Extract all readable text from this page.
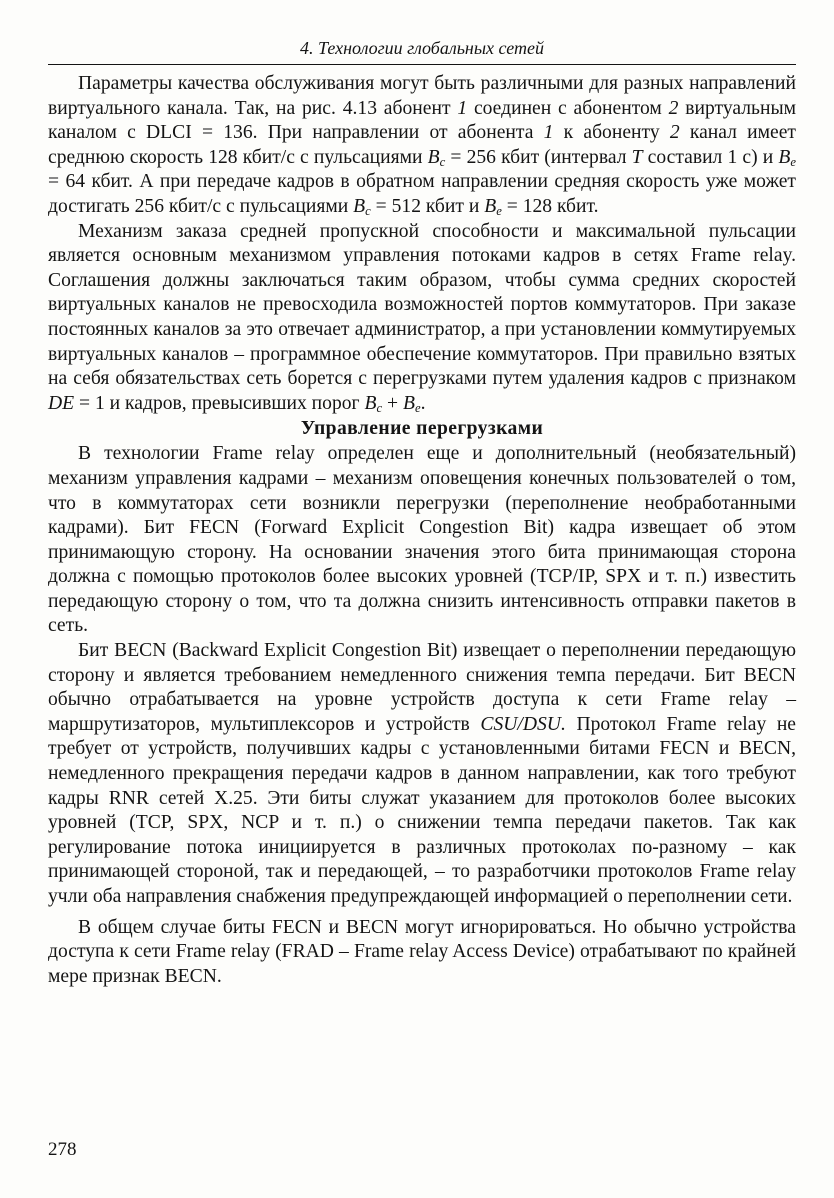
4. Технологии глобальных сетей

Параметры качества обслуживания могут быть различными для разных направлений виртуального канала. Так, на рис. 4.13 абонент 1 соединен с абонентом 2 виртуальным каналом с DLCI = 136. При направлении от абонента 1 к абоненту 2 канал имеет среднюю скорость 128 кбит/с с пульсациями $B_c = 256$ кбит (интервал T составил 1 с) и $B_e = 64$ кбит. А при передаче кадров в обратном направлении средняя скорость уже может достигать 256 кбит/с с пульсациями $B_c = 512$ кбит и $B_e = 128$ кбит.

Механизм заказа средней пропускной способности и максимальной пульсации является основным механизмом управления потоками кадров в сетях Frame relay. Соглашения должны заключаться таким образом, чтобы сумма средних скоростей виртуальных каналов не превосходила возможностей портов коммутаторов. При заказе постоянных каналов за это отвечает администратор, а при установлении коммутируемых виртуальных каналов – программное обеспечение коммутаторов. При правильно взятых на себя обязательствах сеть борется с перегрузками путем удаления кадров с признаком DE = 1 и кадров, превысивших порог $B_c + B_e$.

Управление перегрузками

В технологии Frame relay определен еще и дополнительный (необязательный) механизм управления кадрами – механизм оповещения конечных пользователей о том, что в коммутаторах сети возникли перегрузки (переполнение необработанными кадрами). Бит FECN (Forward Explicit Congestion Bit) кадра извещает об этом принимающую сторону. На основании значения этого бита принимающая сторона должна с помощью протоколов более высоких уровней (TCP/IP, SPX и т. п.) известить передающую сторону о том, что та должна снизить интенсивность отправки пакетов в сеть.

Бит BECN (Backward Explicit Congestion Bit) извещает о переполнении передающую сторону и является требованием немедленного снижения темпа передачи. Бит BECN обычно отрабатывается на уровне устройств доступа к сети Frame relay – маршрутизаторов, мультиплексоров и устройств CSU/DSU. Протокол Frame relay не требует от устройств, получивших кадры с установленными битами FECN и BECN, немедленного прекращения передачи кадров в данном направлении, как того требуют кадры RNR сетей X.25. Эти биты служат указанием для протоколов более высоких уровней (TCP, SPX, NCP и т. п.) о снижении темпа передачи пакетов. Так как регулирование потока инициируется в различных протоколах по-разному – как принимающей стороной, так и передающей, – то разработчики протоколов Frame relay учли оба направления снабжения предупреждающей информацией о переполнении сети.

В общем случае биты FECN и BECN могут игнорироваться. Но обычно устройства доступа к сети Frame relay (FRAD – Frame relay Access Device) отрабатывают по крайней мере признак BECN.

278
